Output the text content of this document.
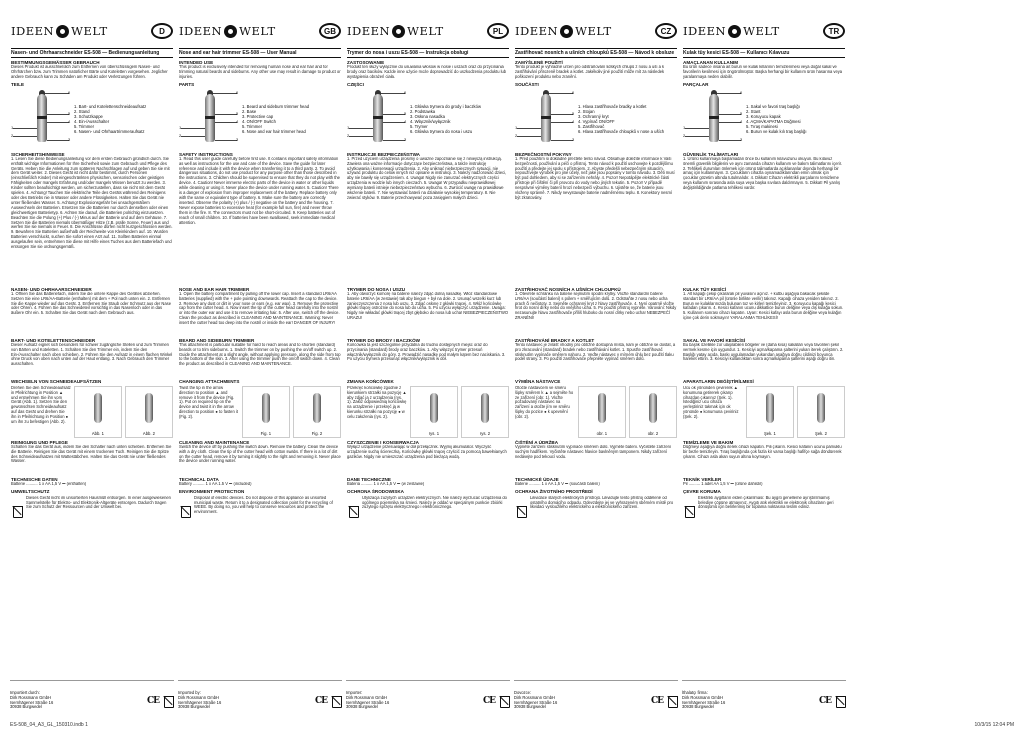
IDEEN WELT	D
Nasen- und Ohrhaarschneider ES-508 — Bedienungsanleitung
BESTIMMUNGSGEMÄSSER GEBRAUCH
Dieses Produkt ist ausschließlich zum Entfernen von überschüssigem Nasen- und Ohrhärchen bzw. zum Trimmen natürlicher Bärte und Koteletten vorgesehen. Jeglicher andere Gebrauch kann zu Schäden am Produkt oder Verletzungen führen.
TEILE
6
5
4
1
2
3
1. Bart- und Kotelettenschneideaufsatz
2. Stand
3. Schutzkappe
4. Ein-/Ausschalter
5. Trimmer
6. Nasen- und Ohrhaartrimmeraufsatz
SICHERHEITSHINWEISE
1. Lesen Sie diese Bedienungsanleitung vor dem ersten Gebrauch gründlich durch. Sie enthält wichtige Informationen für Ihre Sicherheit sowie zum Gebrauch und Pflege des Geräts. Heben Sie die Anleitung zum späteren Nachschlagen auf und geben Sie sie mit dem Gerät weiter. 2. Dieses Gerät ist nicht dafür bestimmt, durch Personen (einschließlich Kinder) mit eingeschränkten physischen, sensorischen oder geistigen Fähigkeiten oder mangels Erfahrung und/oder mangels Wissen benutzt zu werden. 3. Kinder sollten beaufsichtigt werden, um sicherzustellen, dass sie nicht mit dem Gerät spielen. 4. Achtung! Tauchen Sie elektrische Teile des Geräts während des Reinigens oder des Betriebs nie in Wasser oder andere Flüssigkeiten. Halten Sie das Gerät nie unter fließendes Wasser. 5. Achtung! Explosionsgefahr bei unsachgemäßem Auswechseln der Batterien. Ersetzen Sie die Batterien nur durch denselben oder einen gleichwertigen Batterietyp. 6. Achten Sie darauf, die Batterien polrichtig einzusetzen. Beachten Sie die Polung (+) Plus / (-) Minus auf der Batterie und auf dem Gehäuse. 7. Setzen Sie die Batterien niemals übermäßiger Hitze (z.B. pralle Sonne, Feuer) aus und werfen Sie sie niemals in Feuer. 8. Die Anschlüsse dürfen nicht kurzgeschlossen werden. 9. Bewahren Sie Batterien außerhalb der Reichweite von Kleinkindern auf. 10. Wurden Batterien verschluckt, suchen Sie sofort einen Arzt auf. 11. Sollten Batterien einmal ausgelaufen sein, entnehmen Sie diese mit Hilfe eines Tuches aus dem Batteriefach und entsorgen Sie sie ordnungsgemäß.
NASEN- UND OHRHAARSCHNEIDER
1. Öffnen Sie das Batteriefach, indem Sie die untere Kappe des Gerätes abziehen. Setzen Sie eine LR6/AA-Batterie (enthalten) mit dem + Pol nach unten ein. 2. Entfernen Sie die Kappe wieder auf das Gerät. 3. Entfernen Sie Staub oder Schmutz aus der Nase oder Ohren. 4. Führen Sie das Schneideteil vorsichtig in das Nasenloch oder in das äußere Ohr ein. 5. Schalten Sie das Gerät nach dem Gebrauch aus.
BART- UND KOTELETTENSCHNEIDER
Dieser Aufsatz eignet sich besonders für schwer zugängliche Stellen und zum Trimmen von Bärten und Koteletten. 1. Schalten Sie den Trimmer ein, indem Sie den Ein-/Ausschalter nach oben schieben. 2. Führen Sie den Aufsatz in einem flachen Winkel ohne Druck von oben nach unten auf der Haut entlang. 3. Nach Gebrauch den Trimmer ausschalten.
WECHSELN VON SCHNEIDEAUFSÄTZEN
Drehen Sie den Schneideaufsatz in Pfeilrichtung in Position ▲ und entnehmen Sie ihn vom Gerät (Abb. 1). Setzen Sie den gewünschten Schneideaufsatz auf das Gerät und drehen Sie ihn in Pfeilrichtung in Position ● um ihn zu befestigen (Abb. 2).
Abb. 1	Abb. 2
REINIGUNG UND PFLEGE
Schalten Sie das Gerät aus, indem Sie den Schalter nach unten schieben. Entfernen Sie die Batterie. Reinigen Sie das Gerät mit einem trockenen Tuch. Reinigen Sie die Spitze des Schneideaufsatzes mit Wattestäbchen. Halten Sie das Gerät nie unter fließendes Wasser.
TECHNISCHE DATEN
Batterie .......... 1 x AA 1,5 V ⎓ (enthalten)
UMWELTSCHUTZ
Dieses Gerät nicht im unsortierten Hausmüll entsorgen. In einer ausgewiesenen Sammelstelle für Elektro- und Elektronik-Altgeräte entsorgen. Dadurch tragen Sie zum Schutz der Ressourcen und der Umwelt bei.
Importiert durch:
Dirk Rossmann GmbH
Isernhägener Straße 16
30938 Burgwedel
CE
IDEEN WELT	GB
Nose and ear hair trimmer ES-508 — User Manual
INTENDED USE
This product is exclusively intended for removing human nose and ear hair and for trimming natural beards and sideburns. Any other use may result in damage to product or injuries.
PARTS
6
5
4
1
2
3
1. Beard and sideburn trimmer head
2. Base
3. Protective cap
4. ON/OFF Switch
5. Trimmer
6. Nose and ear hair trimmer head
SAFETY INSTRUCTIONS
1. Read this user guide carefully before first use. It contains important safety information as well as instructions for the use and care of the device. Save the guide for later reference and include it with the device when transferring it to a third party. 2. To avoid dangerous situations, do not use product for any purpose other than those described in the instructions. 3. Children should be supervised to ensure that they do not play with the device. 4. Caution! Never immerse electric parts of the device in water or other liquids while cleaning or using it. Never place the device under running water. 5. Caution! There is a danger of explosion from improper replacement of the battery. Replace battery only with the same or equivalent type of battery. 6. Make sure the battery are correctly inserted. Observe the polarity (+) plus / (-) negative on the battery and the housing. 7. Never expose batteries to excessive heat (for example full sun, fire) and never throw them in the fire. 8. The connectors must not be short-circuited. 9. Keep batteries out of reach of small children. 10. If batteries have been swallowed, seek immediate medical attention.
NOSE AND EAR HAIR TRIMMER
1. Open the battery compartment by pulling off the lower cap. Insert a standard LR6/AA batteries (supplied) with the + pole pointing downwards. Reattach the cap to the device. 2. Remove any dust or dirt in your nose or ears (e.g. ear wax). 3. Remove the protective cap from the cutter head. 4. Now insert the tip of the cutter head carefully into the nostril or into the outer ear and use it to remove irritating hair. 5. After use, switch off the device. Clean the product as described in CLEANING AND MAINTENANCE. Warning: Never insert the cutter head too deep into the nostril or inside the ear! DANGER OF INJURY!
BEARD AND SIDEBURN TRIMMER
This attachment is particular suitable for hard to reach areas and to shorten (standard) beards or to trim sideburns. 1. Switch the trimmer on by pushing the on/off switch up. 2. Guide the attachment at a slight angle, without applying pressure, along the side from top to the bottom of the skin. 3. After using the trimmer push the on/off switch down. 4. Clean the product as described in CLEANING AND MAINTENANCE.
CHANGING ATTACHMENTS
Twist the tip in the arrow direction to position ▲ and remove it from the device (Fig. 1). Put on required tip on the device and twist it in the arrow direction to position ● to fasten it (Fig. 2).
Fig. 1	Fig. 2
CLEANING AND MAINTENANCE
Switch the device off by pushing the switch down. Remove the battery. Clean the device with a dry cloth. Clean the tip of the cutter head with cotton swabs. If there is a lot of dirt on the cutter head, remove it by turning it slightly to the right and removing it. Never place the device under running water.
TECHNICAL DATA
Battery .......... 1 x AA 1.5 V ⎓ (included)
ENVIRONMENT PROTECTION
Disposal of electric devices. Do not dispose of this appliance as unsorted municipal waste. Return it to a designated collection point for the recycling of WEEE. By doing so, you will help to conserve resources and protect the environment.
Imported by:
Dirk Rossmann GmbH
Isernhägener Straße 16
30938 Burgwedel
CE
IDEEN WELT	PL
Trymer do nosa i uszu ES-508 — Instrukcja obsługi
ZASTOSOWANIE
Produkt ten służy wyłącznie do usuwania włosów w nosie i uszach oraz do przycinania brody oraz bacików. Każde inne użycie może doprowadzić do uszkodzenia produktu lub wystąpienia obrażeń ciała.
CZĘŚCI
6
5
4
1
2
3
1. Główka trymera do grody i baczków
2. Podstawka
3. Osłona nasadka
4. Włącznik/wyłącznik
5. Trymer
6. Główka trymera do nosa i uszu
INSTRUKCJE BEZPIECZEŃSTWA
1. Przed użyciem urządzenia prosimy o uważne zapoznanie się z niniejszą instrukcją. Zawiera ona ważne informacje dotyczące bezpieczeństwa, a także instrukcję użytkowania i konserwacji urządzenia. 2. Aby uniknąć niebezpiecznych sytuacji, nie używać produktu do celów innych niż opisane w instrukcji. 3. Należy nadzorować dzieci, aby nie bawiły się urządzeniem. 4. Uwaga! Nigdy nie zanurzać elektrycznych części urządzenia w wodzie lub innych cieczach. 5. Uwaga! W przypadku nieprawidłowej wymiany baterii istnieje niebezpieczeństwo wybuchu. 6. Zwrócić uwagę na prawidłowe włożenie baterii. 7. Nie wystawiać baterii na działanie wysokiej temperatury. 8. Nie zwierać styków. 9. Baterie przechowywać poza zasięgiem małych dzieci.
TRYMER DO NOSA I USZU
1. Aby otworzyć komorę na baterie należy zdjąć dolną nasadkę. Włóż standardowe baterie LR6/AA (w zestawie) tak aby biegun + był na dole. 2. Usunąć wszelki kurz lub zanieczyszczenia z nosa lub uszu. 3. Zdjąć osłonę z główki tnącej. 4. Włóż końcówkę główki tnącej ostrożnie do nosa lub do ucha. 5. Po użyciu wyłączyć urządzenie. Uwaga: Nigdy nie wkładać główki tnącej zbyt głęboko do nosa lub ucha! NIEBEZPIECZEŃSTWO URAZU!
TRYMER DO BRODY I BACZKÓW
Końcówka ta jest szczególnie przydatna do trudno dostępnych miejsc oraz do przycinania (standard) brody oraz baczków. 1. Aby włączyć trymer przesuń włącznik/wyłącznik do góry. 2. Prowadzić nasadkę pod małym kątem bez naciskania. 3. Po użyciu trymera przesunąć włącznik/wyłącznik w dół.
ZMIANA KOŃCÓWEK
Przekręć końcówkę zgodnie z kierunkiem strzałki na pozycję ▲ aby zdjąć ją z urządzenia (rys. 1). Załóż odpowiednią końcówkę na urządzenie i przekręć ją w kierunku strzałki na pozycję ● w celu założenia (rys. 2).
rys. 1	rys. 2
CZYSZCZENIE I KONSERWACJA
Wyłącz urządzenie przesuwając w dół przełącznik. Wyjmij akumulator. Wyczyść urządzenie suchą ściereczką. Końcówkę główki tnącej czyścić za pomocą bawełnianych gazików. Nigdy nie umieszczać urządzenia pod bieżącą wodą.
DANE TECHNICZNE
Bateria .......... 1 x AA 1,5 V ⎓ (w zestawie)
OCHRONA ŚRODOWISKA
Utylizacja zużytych urządzeń elektrycznych. Nie należy wyrzucać urządzenia do ogólnego pojemnika na śmieci. Należy je oddać w specjalnym punkcie zbiórki zużytego sprzętu elektrycznego i elektronicznego.
Importer:
Dirk Rossmann GmbH
Isernhägener Straße 16
30938 Burgwedel
CE
IDEEN WELT	CZ
Zastřihovač nosních a ušních chloupků ES-508 — Návod k obsluze
ZAMÝŠLENÉ POUŽITÍ
Tento produkt je výhradně určen pro odstraňování lidských chlupů z nosu a uší a k zastřihávání přirozeně bradek a kotlet. Jakékoliv jiné použití může mít za následek poškození produktu nebo zranění.
SOUČÁSTI
6
5
4
1
2
3
1. Hlava zastřihovače bradky a kotlet
2. Stojan
3. Ochranný kryt
4. Vypínač ON/OFF
5. Zastřihovač
6. Hlava zastřihovače chloupků v nose a uších
BEZPEČNOSTNÍ POKYNY
1. Před použitím si důkladně přečtěte tento návod. Obsahuje důležité informace k Vaší bezpečnosti, používání a péči o přístroj. Tento návod k použití uschovejte k pozdějšímu použití a předejte jej spolu s přístrojem. 2. Abyste předešli nebezpečným situacím, nepoužívejte výrobek pro jiné účely, než jaké jsou popsány v tomto návodu. 3. Děti musí být pod dohledem, aby si se zařízením nehrály. 4. Pozor! Nepotápějte elektrické části přístroje při čištění či při provozu do vody nebo jiných tekutin. 5. Pozor! V případě nesprávné výměny baterií hrozí nebezpečí výbuchu. 6. Ujistěte se, že baterie jsou vloženy správně. 7. Nikdy nevystavujte baterie nadměrnému teplu. 8. Konektory nesmí být zkratovány.
ZASTŘIHOVAČ NOSNÍCH A UŠNÍCH CHLOUPKŮ
1. Otevřete schránku na baterie sejmutím spodní krytky. Vložte standardní baterie LR6/AA (součástí balení) s pólem + směřujícím dolů. 2. Odstraňte z nosu nebo ucha prach či nečistoty. 3. Sejměte ochranný kryt z hlavy zastřihovače. 4. Nyní opatrně vložte hrot do nosní dírky nebo do vnějšího ucha. 5. Po použití přístroj vypněte. Varování: Nikdy nezasunujte hlavu zastřihovače příliš hluboko do nosní dírky nebo ucha! NEBEZPEČÍ ZRANĚNÍ!
ZASTŘIHOVÁNÍ BRADKY A KOTLET
Tento nástavec je zvlášť vhodný pro obtížně dostupná místa, kam je obtížné se dostat, a pro zkracování (standard) bradek nebo zastřihávání kotlet. 1. Spusťte zastřihovač stisknutím vypínače směrem nahoru. 2. Veďte nástavec v mírném úhlu bez použití tlaku podél strany. 3. Po použití zastřihovače přepněte vypínač směrem dolů.
VÝMĚNA NÁSTAVCE
Otočte nástavcem ve směru šipky směrem k ▲ a sejměte ho ze zařízení (obr. 1). Vložte požadovaný nástavec na zařízení a otočte jím ve směru šipky do pozice ● k upevnění (obr. 2).
obr. 1	obr. 2
ČIŠTĚNÍ A ÚDRŽBA
Vypněte zařízení stisknutím vypínače směrem dolů. Vyjměte baterii. Vyčistěte zařízení suchým hadříkem. Vyčistěte nástavec hlavice bavlněným tamponem. Nikdy zařízení nedávejte pod tekoucí vodu.
TECHNICKÉ ÚDAJE
Baterie .......... 1 x AA 1,5 V ⎓ (součástí balení)
OCHRANA ŽIVOTNÍHO PROSTŘEDÍ
Likvidace starých elektrických přístrojů. Likvidujte tento přístroj odděleně od ostatního domácího odpadu. Odevzdejte jej ve vyhrazeném sběrném místě pro likvidaci vysloužilého elektrického a elektronického zařízení.
Dovozce:
Dirk Rossmann GmbH
Isernhägener Straße 16
30938 Burgwedel
CE
IDEEN WELT	TR
Kulak tüy kesici ES-508 — Kullanıcı Kılavuzu
AMAÇLANAN KULLANIM
Bu ürün sadece insana ait burun ve kulak kıllarının temizlenmesi veya doğal sakal ve favorilerin kesilmesi için öngörülmüştür. Başka herhangi bir kullanım ürün hasarına veya yaralanmaya neden olabilir.
PARÇALAR
6
5
4
1
2
3
1. Sakal ve favori traş başlığı
2. Stant
3. Koruyucu kapak
4. AÇMA/KAPATMA Düğmesi
5. Tıraş makinesi
6. Burun ve kulak kılı traş başlığı
GÜVENLİK TALİMATLARI
1. Ürünü kullanmaya başlamadan önce bu kullanım kılavuzunu okuyun. Bu kılavuz önemli güvenlik bilgilerini ve aynı zamanda cihazın kullanım ve bakım talimatlarını içerir. 2. Tehlikeli durumları önlemek için ürünü talimatlarda açıklananlar dışında herhangi bir amaç için kullanmayın. 3. Çocukların cihazla oynamadıklarından emin olmak için çocuklar gözetim altında tutulmalıdır. 4. Dikkat! Cihazın elektrikli parçalarını temizleme veya kullanım sırasında asla suya veya başka sıvılara daldırmayın. 5. Dikkat! Pil yanlış değiştirildiğinde patlama tehlikesi vardır.
KULAK TÜY KESİCİ
1. Alt kapağı çekip çıkararak pil yuvasını açınız. + kutbu aşağıya bakacak şekilde standart bir LR6/AA pil (ürünle birlikte verilir) takınız. Kapağı cihaza yeniden takınız. 2. Burun ve kulaklarınızda bulunan toz ve kirleri temizleyiniz. 3. Koruyucu kapağı kesici kafadan çıkarın. 4. Kesici kafanın ucunu dikkatlice burun deliğine veya dış kulağa sokun. 5. Kullanım sonrası cihazı kapatın. Uyarı: Kesici kafayı asla burun deliğine veya kulağın içine çok derin sokmayın! YARALANMA TEHLİKESİ!
SAKAL VE FAVORİ KESİCİSİ
Bu başlık özellikle zor ulaşılabilen bölgeler ve (daha kısa) sakalları veya favorileri şekil vermek kesme için uygundur. 1. Kesiciyi açma/kapama şalterini yukarı iterek çalıştırın. 2. Başlığı yatay açıda, baskı uygulamadan yukarıdan aşağıya doğru cildinizi boyunca hareket ettirin. 3. Kesiciyi kullandıktan sonra açma/kapama şalterini aşağı doğru itin.
APARATLARIN DEĞİŞTİRİLMESİ
Ucu ok yönünden çevirerek ▲ konumuna getirerek çıkarıp cihazdan çıkarınız (Şek. 1). İstediğiniz ucu cihaza yerleştiriniz takmak için ok yönünde ● konumuna çeviriniz (Şek. 2).
Şek. 1	Şek. 2
TEMİZLEME VE BAKIM
Düğmeyi aşağıya doğru iterek cihazı kapatın. Pili çıkarın. Kesici kafanın ucunu pamuklu bir bezle temizleyin. Tıraş başlığında çok fazla kir varsa başlığı hafifçe sağa döndürerek çıkarın. Cihazı asla akan suyun altına koymayın.
TEKNİK VERİLER
Pil .......... 1 adet AA 1,5 V ⎓ (ürüne dahildir)
ÇEVRE KORUMA
Elektrikli aygıtların elden çıkarılması: Bu aygıtı genelleme ayrıştırılmamış belediye çöpüne atmayınız. Aygıtı atık elektrikli ve elektronik cihazların geri dönüşümü için belirlenmiş bir toplama noktasına teslim ediniz.
İthalatçı firma:
Dirk Rossmann GmbH
Isernhägener Straße 16
30938 Burgwedel
CE
ES-508_04_A3_GL_150310.indb 1	10/3/15 12:04 PM
